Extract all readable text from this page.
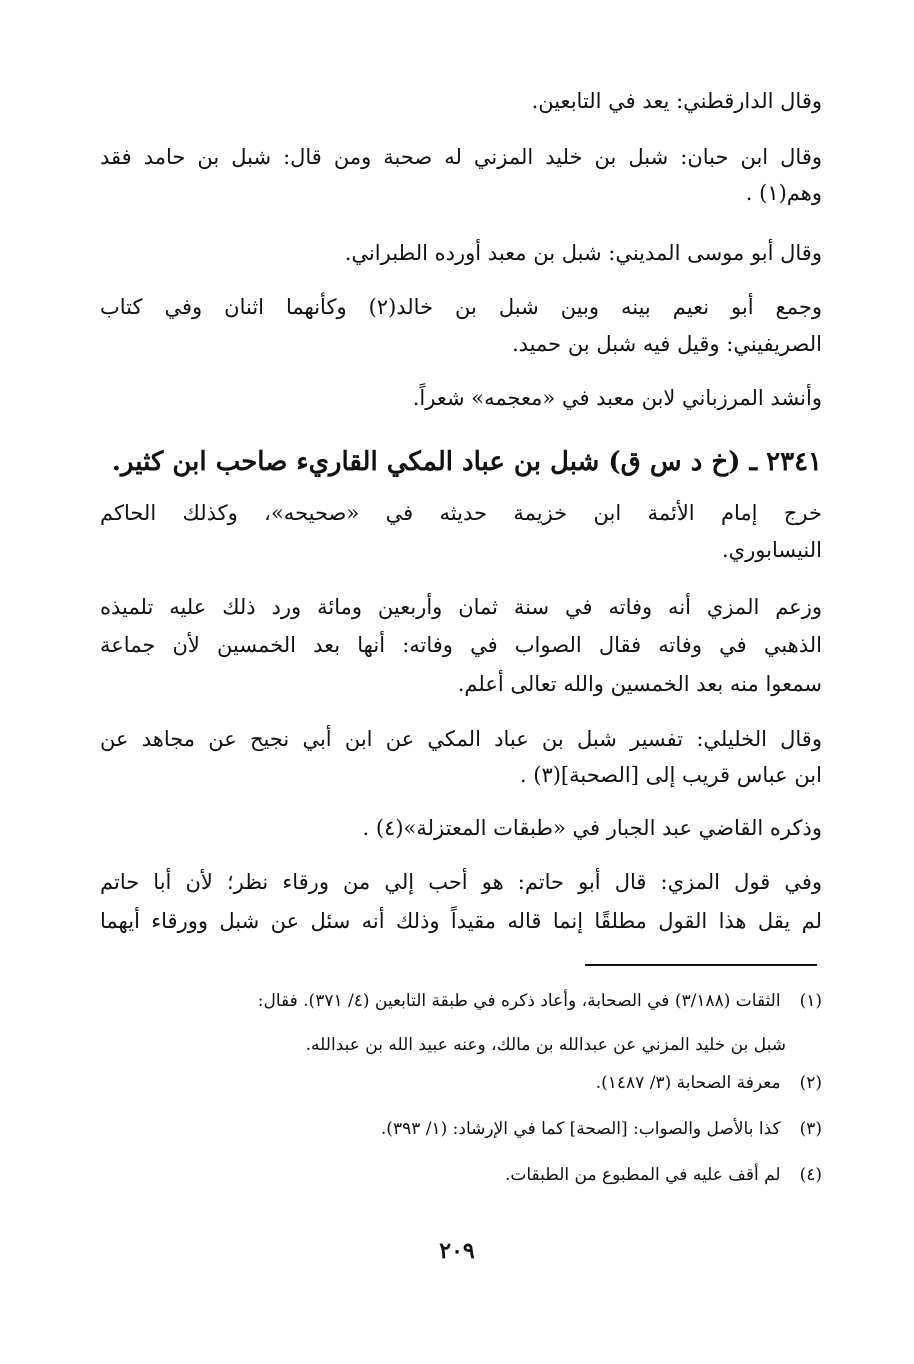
وقال الدارقطني: يعد في التابعين.
وقال ابن حبان: شبل بن خليد المزني له صحبة ومن قال: شبل بن حامد فقد
وهم(١) .
وقال أبو موسى المديني: شبل بن معبد أورده الطبراني.
وجمع أبو نعيم بينه وبين شبل بن خالد(٢) وكأنهما اثنان وفي كتاب
الصريفيني: وقيل فيه شبل بن حميد.
وأنشد المرزباني لابن معبد في «معجمه» شعراً.
٢٣٤١ ـ (خ د س ق) شبل بن عباد المكي القاريء صاحب ابن كثير.
خرج إمام الأئمة ابن خزيمة حديثه في «صحيحه»، وكذلك الحاكم
النيسابوري.
وزعم المزي أنه وفاته في سنة ثمان وأربعين ومائة ورد ذلك عليه تلميذه
الذهبي في وفاته فقال الصواب في وفاته: أنها بعد الخمسين لأن جماعة
سمعوا منه بعد الخمسين والله تعالى أعلم.
وقال الخليلي: تفسير شبل بن عباد المكي عن ابن أبي نجيح عن مجاهد عن
ابن عباس قريب إلى [الصحبة](٣) .
وذكره القاضي عبد الجبار في «طبقات المعتزلة»(٤) .
وفي قول المزي: قال أبو حاتم: هو أحب إلي من ورقاء نظر؛ لأن أبا حاتم
لم يقل هذا القول مطلقًا إنما قاله مقيداً وذلك أنه سئل عن شبل وورقاء أيهما
(١) الثقات (٣/١٨٨) في الصحابة، وأعاد ذكره في طبقة التابعين (٤/ ٣٧١). فقال:
شبل بن خليد المزني عن عبدالله بن مالك، وعنه عبيد الله بن عبدالله.
(٢) معرفة الصحابة (٣/ ١٤٨٧).
(٣) كذا بالأصل والصواب: [الصحة] كما في الإرشاد: (١/ ٣٩٣).
(٤) لم أقف عليه في المطبوع من الطبقات.
٢٠٩
